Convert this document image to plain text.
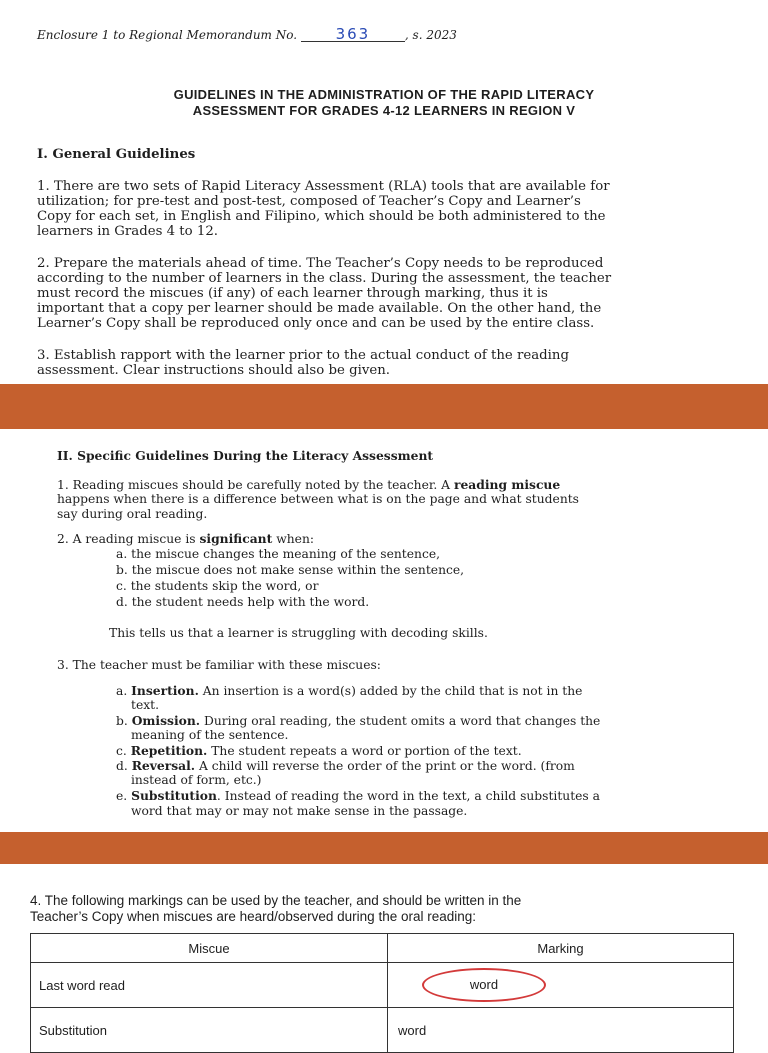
Enclosure 1 to Regional Memorandum No.	363	, s. 2023

GUIDELINES IN THE ADMINISTRATION OF THE RAPID LITERACY

ASSESSMENT FOR GRADES 4-12 LEARNERS IN REGION V

I. General Guidelines

1. There are two sets of Rapid Literacy Assessment (RLA) tools that are available for

utilization; for pre-test and post-test, composed of Teacher’s Copy and Learner’s

Copy for each set, in English and Filipino, which should be both administered to the

learners in Grades 4 to 12.

2. Prepare the materials ahead of time. The Teacher’s Copy needs to be reproduced

according to the number of learners in the class. During the assessment, the teacher

must record the miscues (if any) of each learner through marking, thus it is

important that a copy per learner should be made available. On the other hand, the

Learner’s Copy shall be reproduced only once and can be used by the entire class.

3. Establish rapport with the learner prior to the actual conduct of the reading

assessment. Clear instructions should also be given.

II. Specific Guidelines During the Literacy Assessment

1. Reading miscues should be carefully noted by the teacher. A reading miscue

happens when there is a difference between what is on the page and what students

say during oral reading.

2. A reading miscue is significant when:

a. the miscue changes the meaning of the sentence,

b. the miscue does not make sense within the sentence,

c. the students skip the word, or

d. the student needs help with the word.

This tells us that a learner is struggling with decoding skills.

3. The teacher must be familiar with these miscues:

a. Insertion. An insertion is a word(s) added by the child that is not in the

text.

b. Omission. During oral reading, the student omits a word that changes the

meaning of the sentence.

c. Repetition. The student repeats a word or portion of the text.

d. Reversal. A child will reverse the order of the print or the word. (from

instead of form, etc.)

e. Substitution. Instead of reading the word in the text, a child substitutes a

word that may or may not make sense in the passage.

4. The following markings can be used by the teacher, and should be written in the

Teacher’s Copy when miscues are heard/observed during the oral reading:

Miscue	Marking
Last word read	word
Substitution	word
